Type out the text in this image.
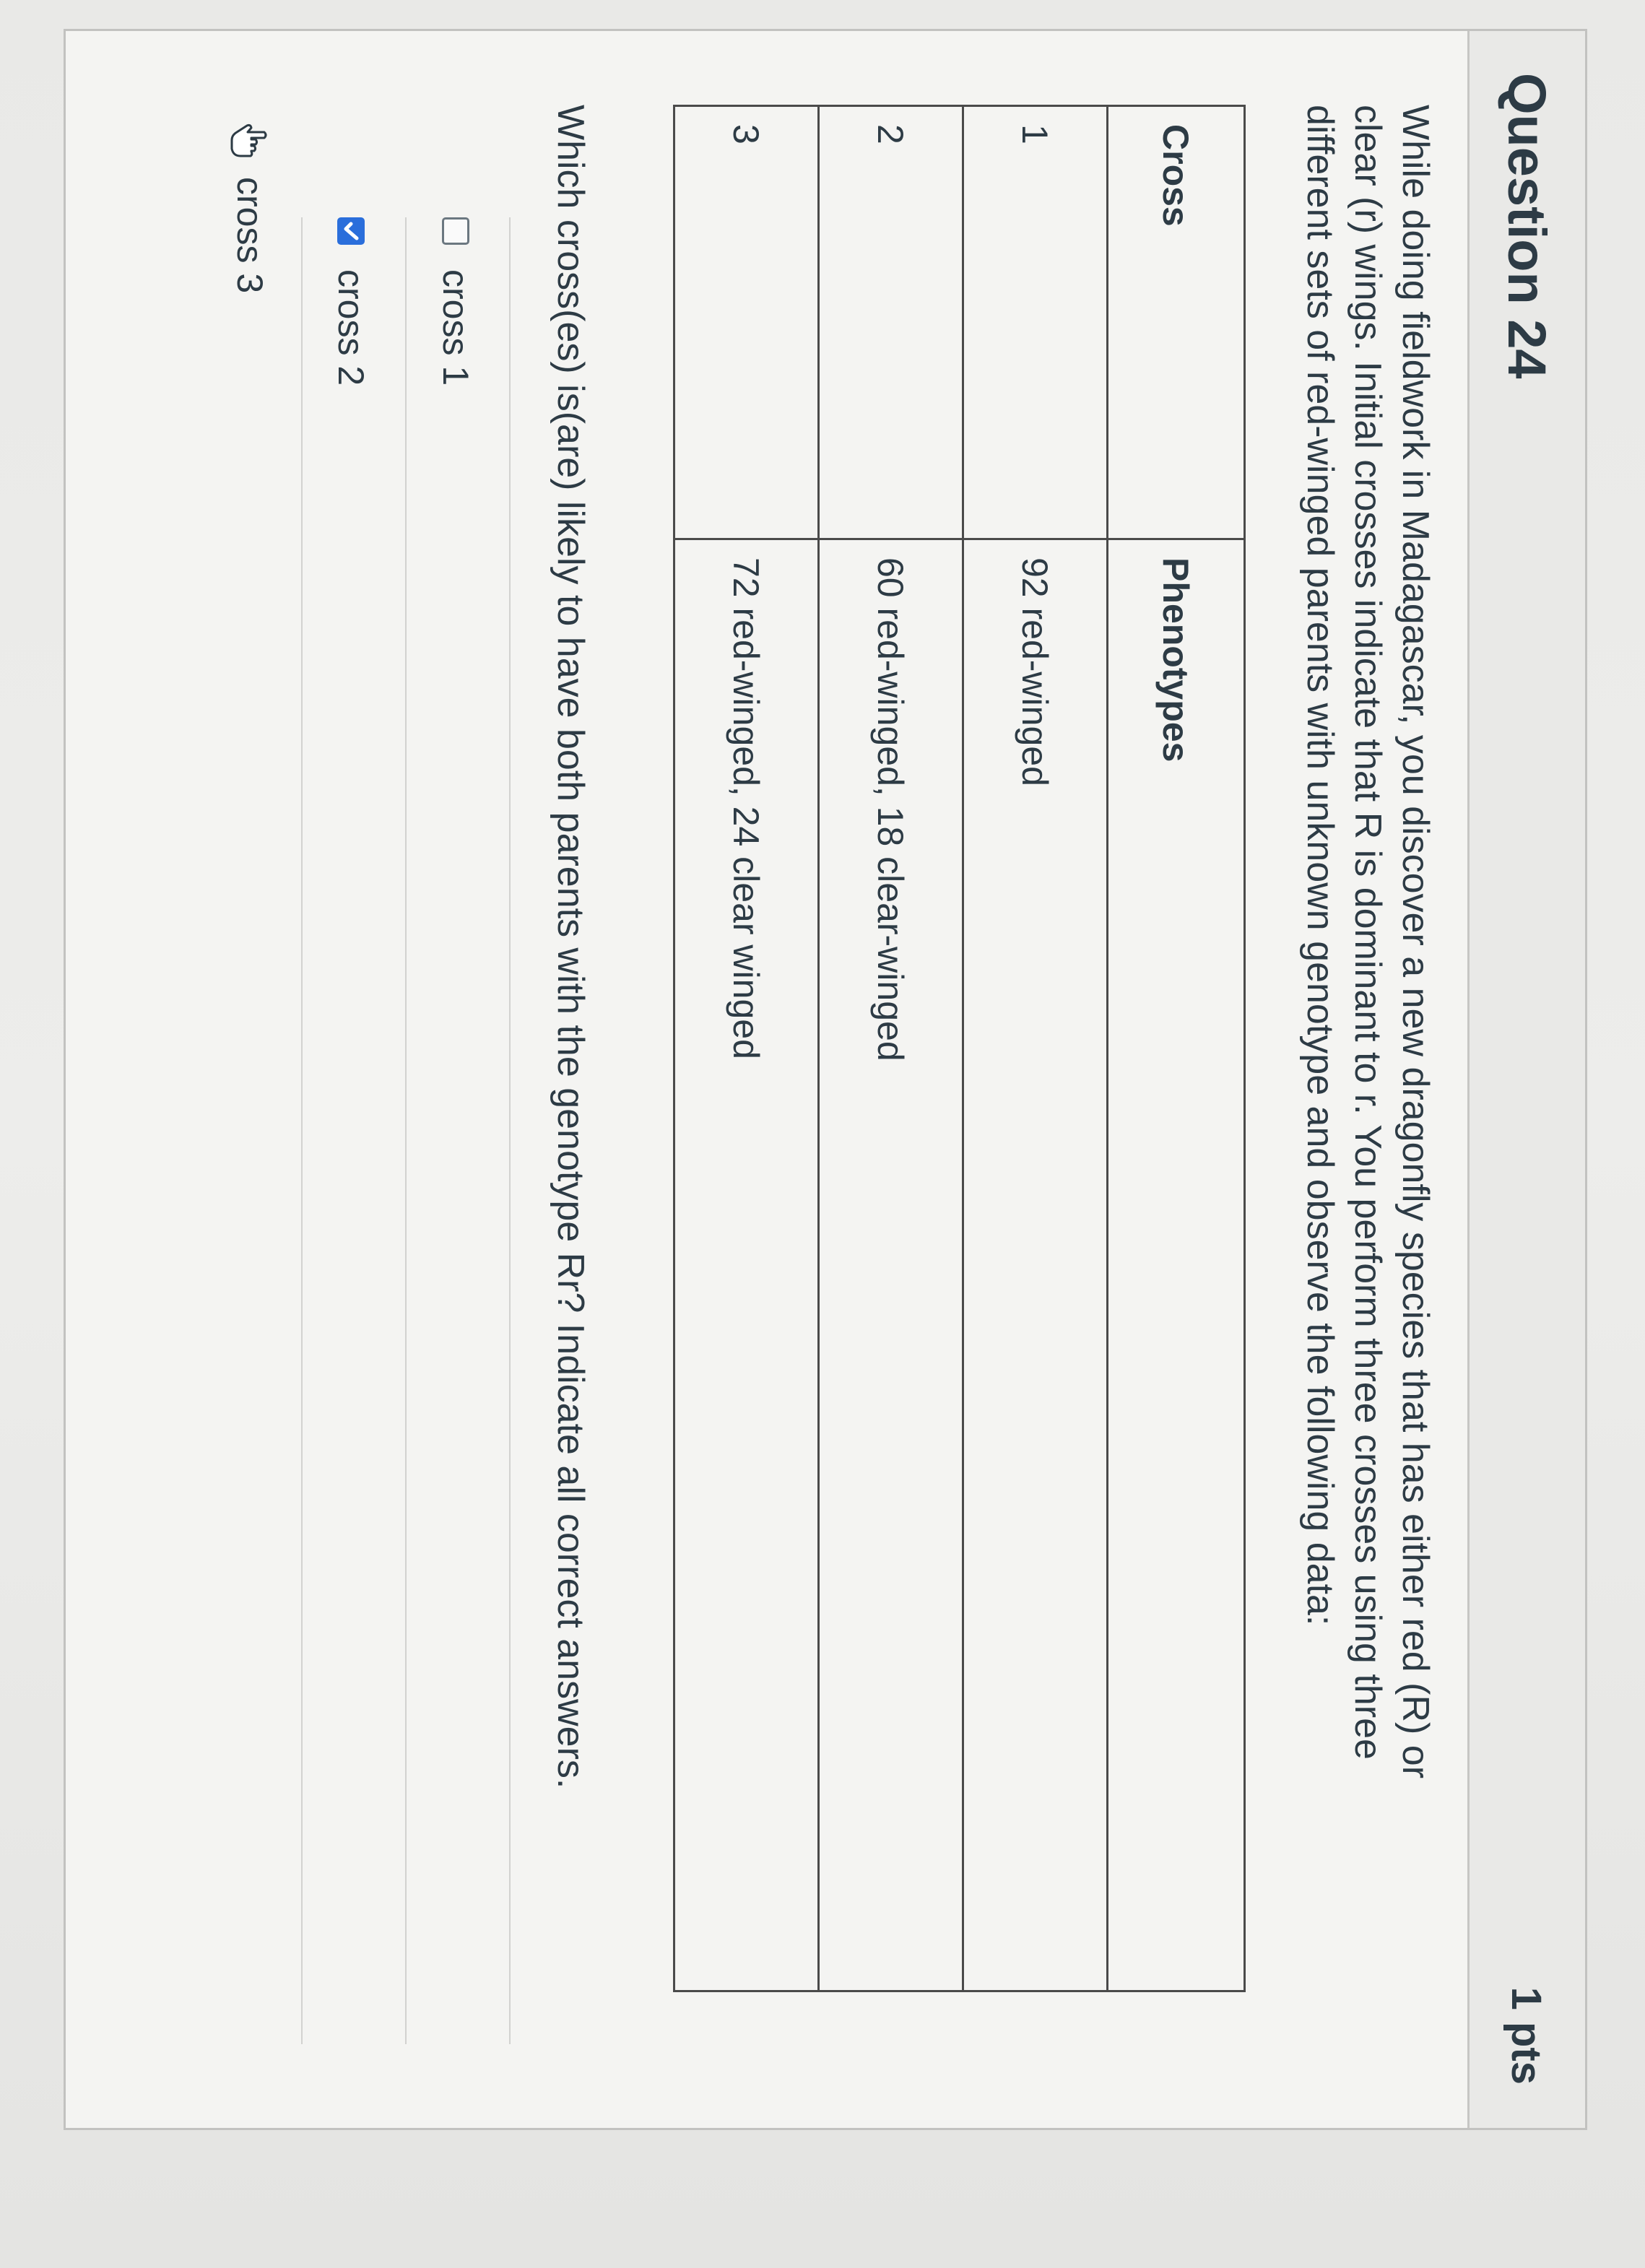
Question 24
1 pts
While doing fieldwork in Madagascar, you discover a new dragonfly species that has either red (R) or
clear (r) wings. Initial crosses indicate that R is dominant to r. You perform three crosses using three
different sets of red-winged parents with unknown genotype and observe the following data:
Cross	Phenotypes
1	92 red-winged
2	60 red-winged, 18 clear-winged
3	72 red-winged, 24 clear winged
Which cross(es) is(are) likely to have both parents with the genotype Rr? Indicate all correct answers.
cross 1
cross 2
cross 3
